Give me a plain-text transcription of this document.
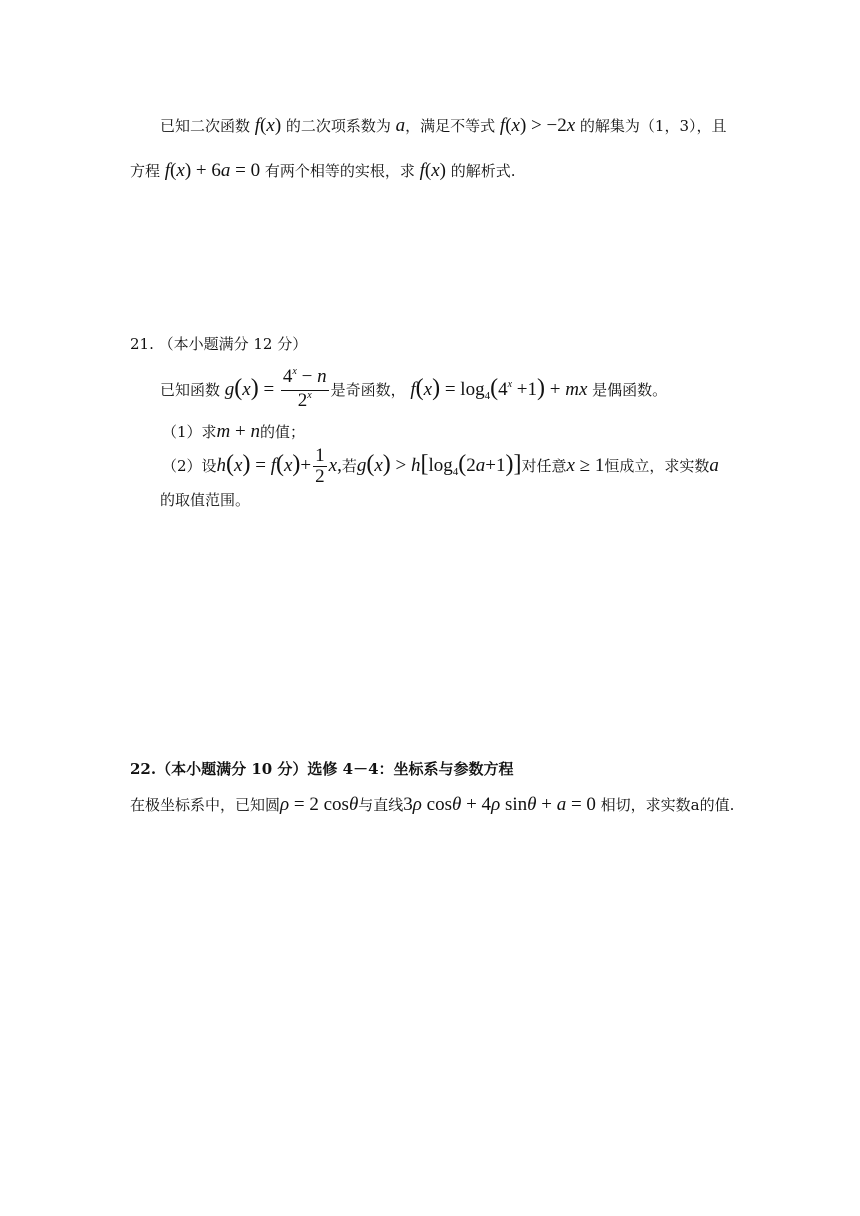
已知二次函数 f(x) 的二次项系数为 a，满足不等式 f(x) > −2x 的解集为（1，3），且
方程 f(x) + 6a = 0 有两个相等的实根，求 f(x) 的解析式.
21. （本小题满分 12 分）
已知函数 $g(x) = \frac{4^x - n}{2^x}$ 是奇函数， $f(x) = \log_4(4^x +1)$ + mx 是偶函数。
（1）求m + n的值；
（2）设$h(x) = f(x)+ \frac{1}{2} x$,若$g(x) > h[\log_4(2a+1)]$对任意x ≥ 1恒成立，求实数a
的取值范围。
22.（本小题满分 10 分）选修 4－4：坐标系与参数方程
在极坐标系中，已知圆ρ = 2 cosθ与直线3ρ cosθ + 4ρ sinθ + a = 0 相切，求实数a的值.
